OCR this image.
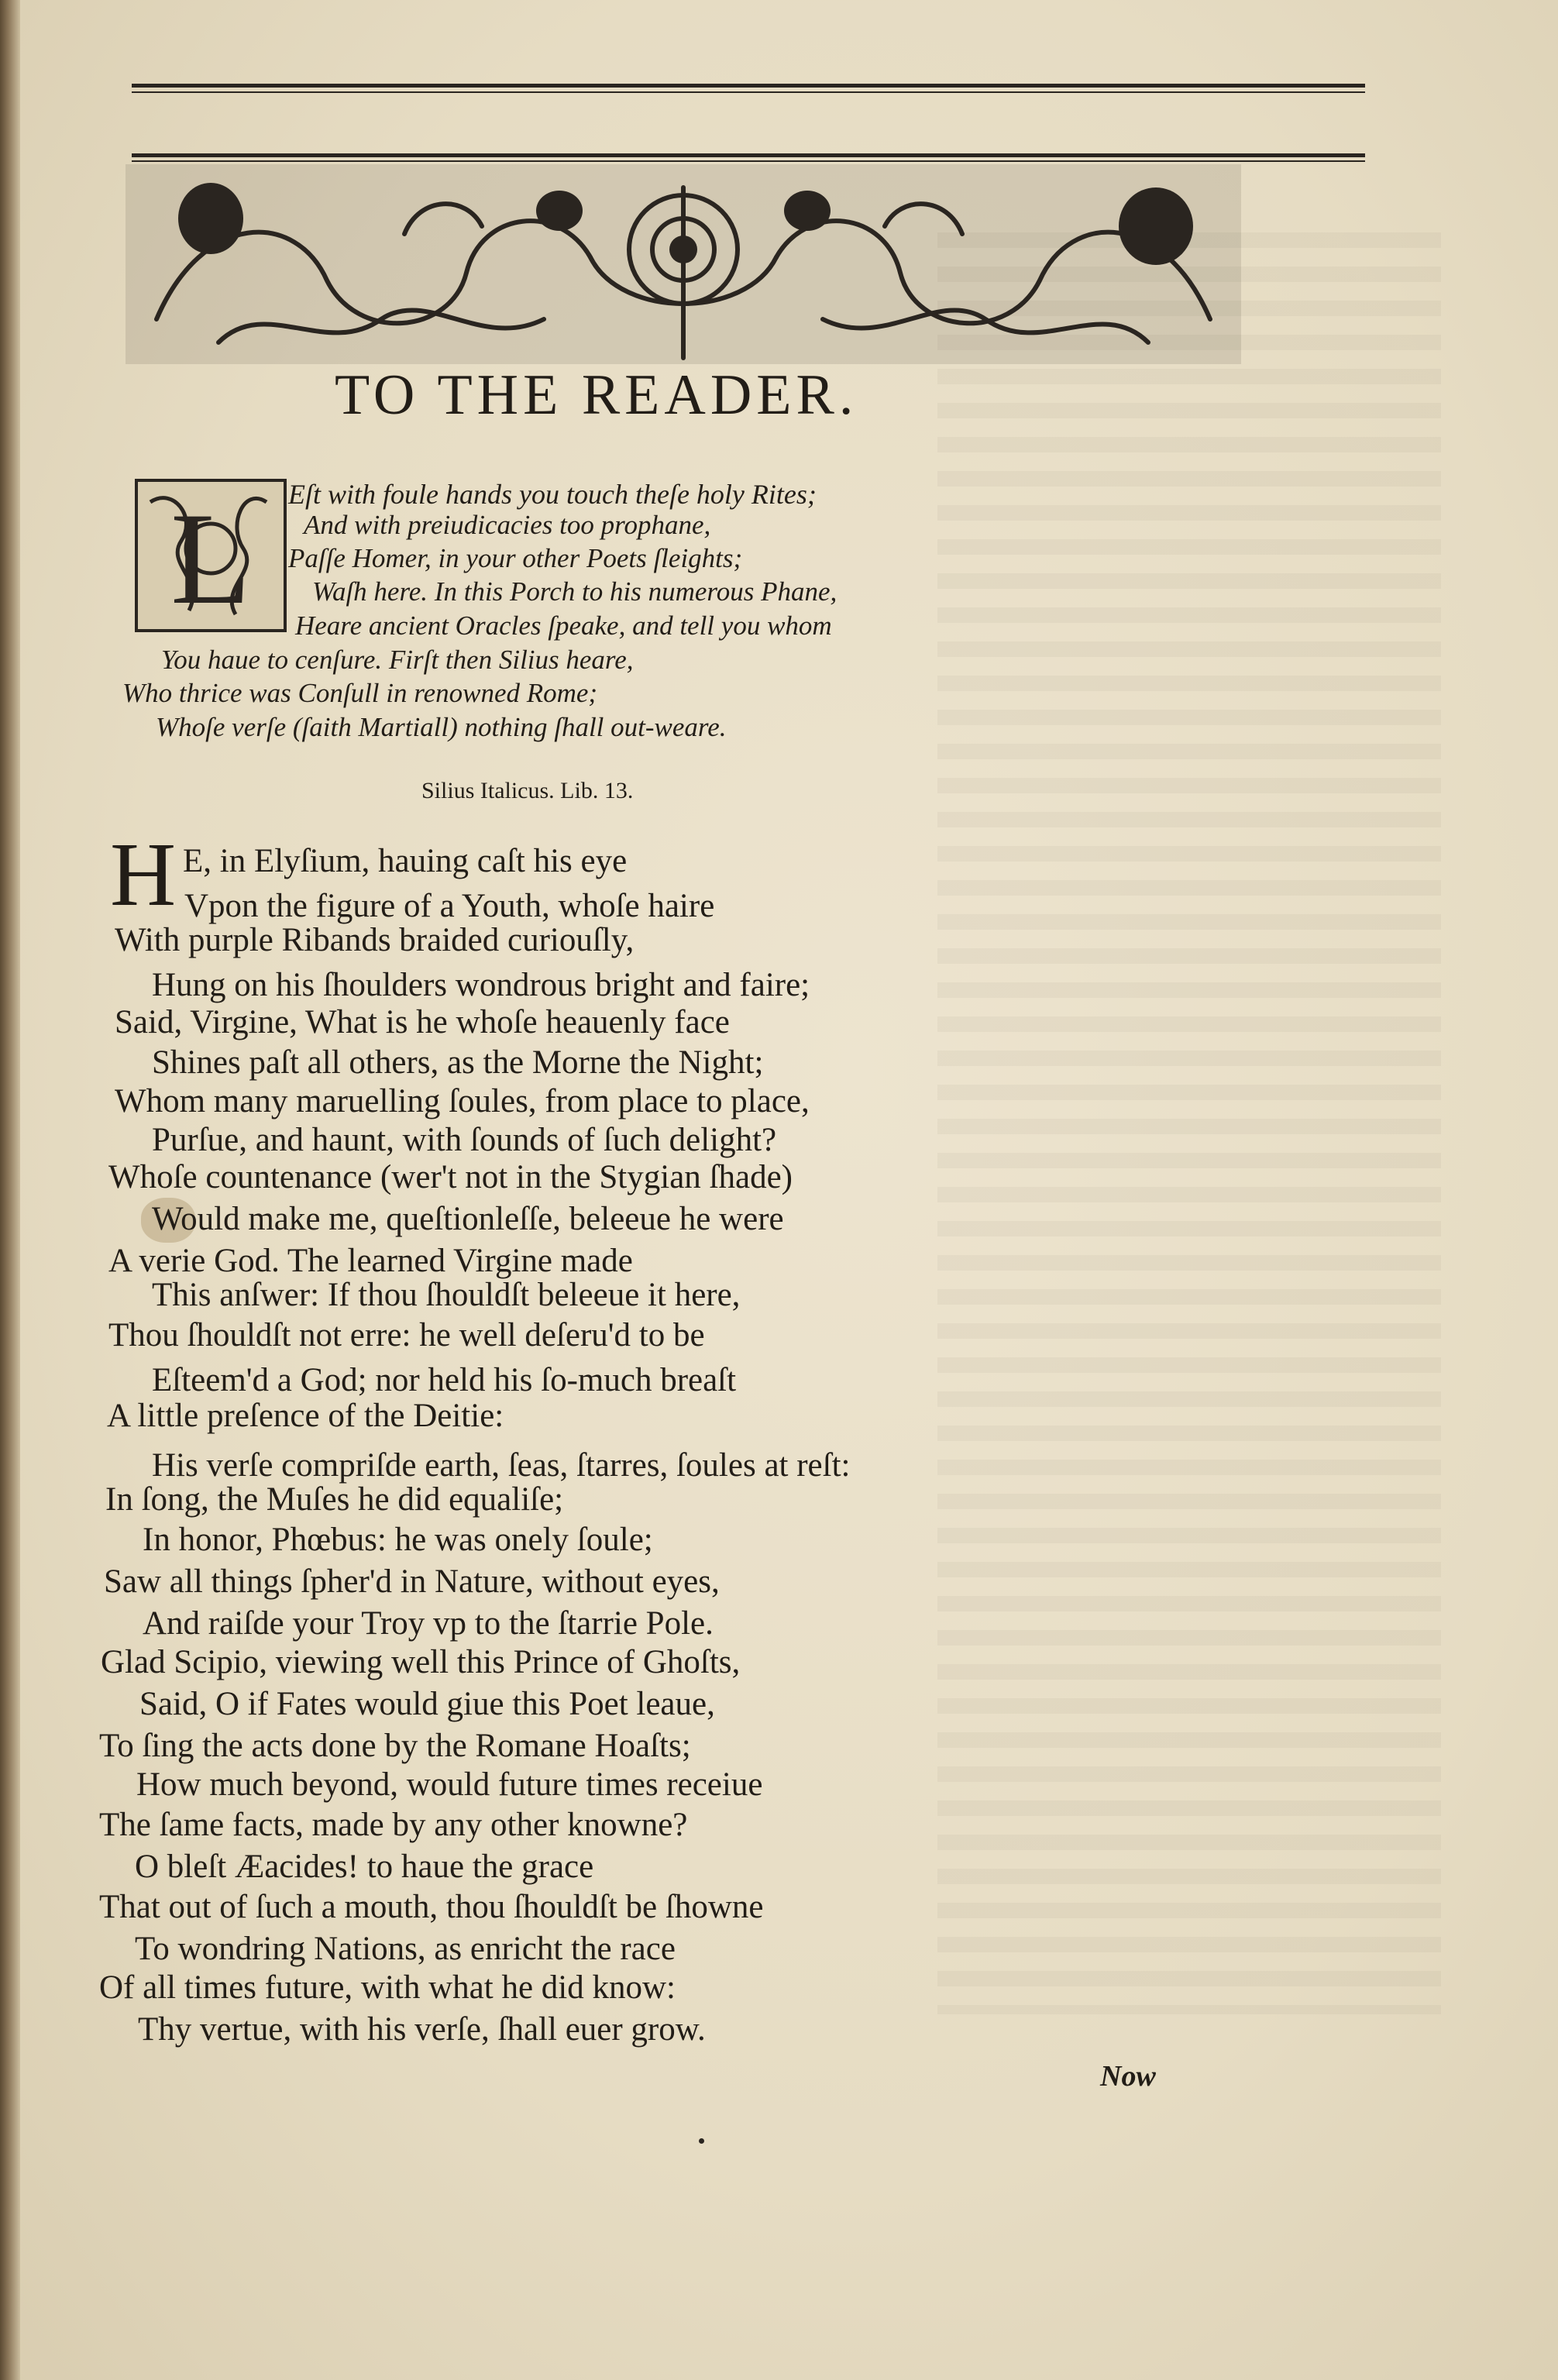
TO THE READER.
L Eſt with foule hands you touch theſe holy Rites;
And with preiudicacies too prophane,
Paſſe Homer, in your other Poets ſleights;
Waſh here. In this Porch to his numerous Phane,
Heare ancient Oracles ſpeake, and tell you whom
You haue to cenſure. Firſt then Silius heare,
Who thrice was Conſull in renowned Rome;
Whoſe verſe (ſaith Martiall) nothing ſhall out-weare.
Silius Italicus. Lib. 13.
H E, in Elyſium, hauing caſt his eye
Vpon the figure of a Youth, whoſe haire
With purple Ribands braided curiouſly,
Hung on his ſhoulders wondrous bright and faire;
Said, Virgine, What is he whoſe heauenly face
Shines paſt all others, as the Morne the Night;
Whom many maruelling ſoules, from place to place,
Purſue, and haunt, with ſounds of ſuch delight?
Whoſe countenance (wer't not in the Stygian ſhade)
Would make me, queſtionleſſe, beleeue he were
A verie God. The learned Virgine made
This anſwer: If thou ſhouldſt beleeue it here,
Thou ſhouldſt not erre: he well deſeru'd to be
Eſteem'd a God; nor held his ſo-much breaſt
A little preſence of the Deitie:
His verſe compriſde earth, ſeas, ſtarres, ſoules at reſt:
In ſong, the Muſes he did equaliſe;
In honor, Phœbus: he was onely ſoule;
Saw all things ſpher'd in Nature, without eyes,
And raiſde your Troy vp to the ſtarrie Pole.
Glad Scipio, viewing well this Prince of Ghoſts,
Said, O if Fates would giue this Poet leaue,
To ſing the acts done by the Romane Hoaſts;
How much beyond, would future times receiue
The ſame facts, made by any other knowne?
O bleſt Æacides! to haue the grace
That out of ſuch a mouth, thou ſhouldſt be ſhowne
To wondring Nations, as enricht the race
Of all times future, with what he did know:
Thy vertue, with his verſe, ſhall euer grow.
Now
